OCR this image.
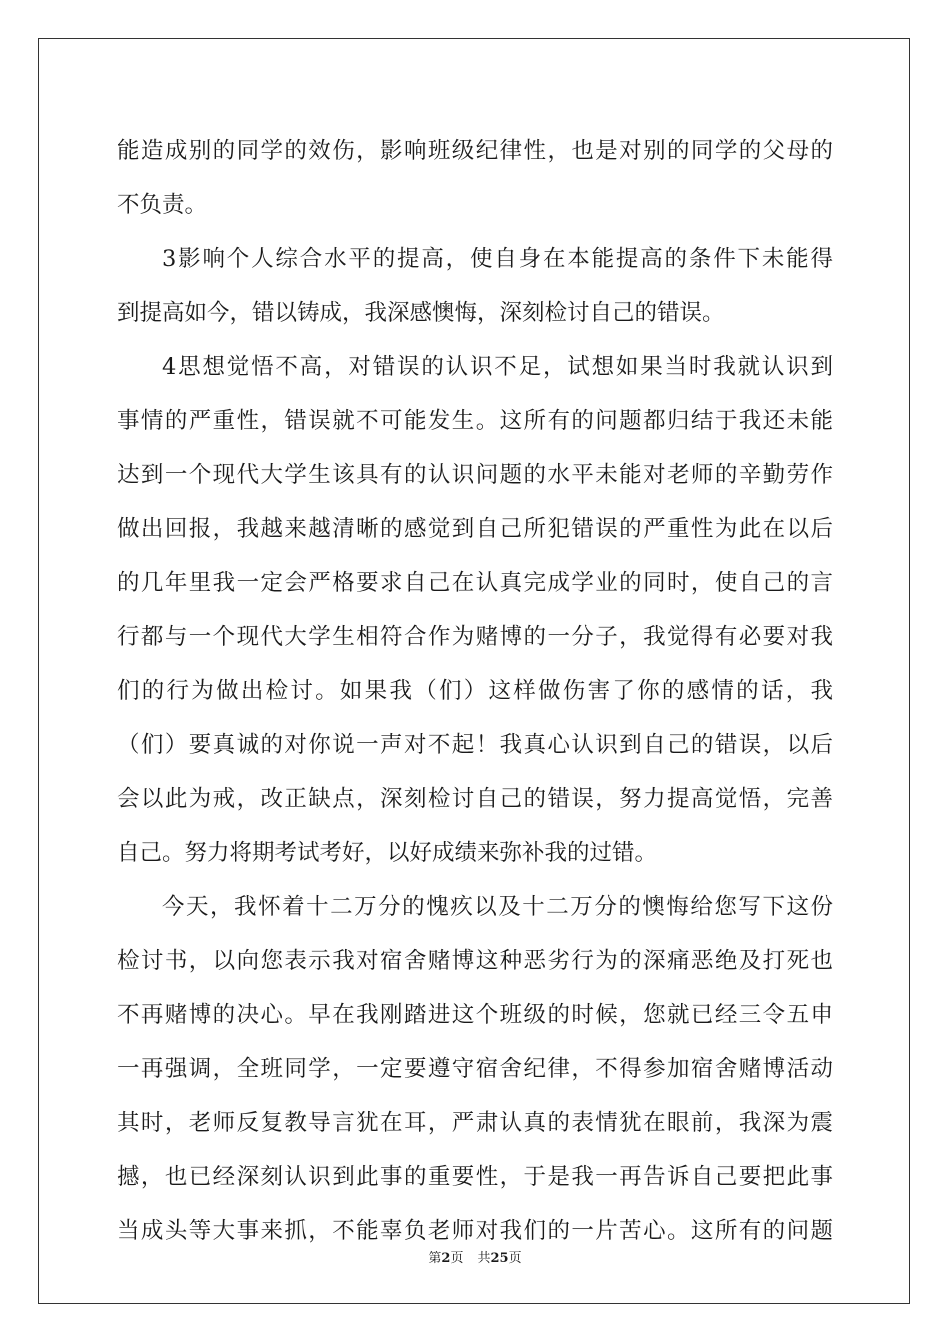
能造成别的同学的效伤，影响班级纪律性，也是对别的同学的父母的
不负责。
3影响个人综合水平的提高，使自身在本能提高的条件下未能得
到提高如今，错以铸成，我深感懊悔，深刻检讨自己的错误。
4思想觉悟不高，对错误的认识不足，试想如果当时我就认识到
事情的严重性，错误就不可能发生。这所有的问题都归结于我还未能
达到一个现代大学生该具有的认识问题的水平未能对老师的辛勤劳作
做出回报，我越来越清晰的感觉到自己所犯错误的严重性为此在以后
的几年里我一定会严格要求自己在认真完成学业的同时，使自己的言
行都与一个现代大学生相符合作为赌博的一分子，我觉得有必要对我
们的行为做出检讨。如果我（们）这样做伤害了你的感情的话，我
（们）要真诚的对你说一声对不起！我真心认识到自己的错误，以后
会以此为戒，改正缺点，深刻检讨自己的错误，努力提高觉悟，完善
自己。努力将期考试考好，以好成绩来弥补我的过错。
今天，我怀着十二万分的愧疚以及十二万分的懊悔给您写下这份
检讨书，以向您表示我对宿舍赌博这种恶劣行为的深痛恶绝及打死也
不再赌博的决心。早在我刚踏进这个班级的时候，您就已经三令五申
一再强调，全班同学，一定要遵守宿舍纪律，不得参加宿舍赌博活动
其时，老师反复教导言犹在耳，严肃认真的表情犹在眼前，我深为震
撼，也已经深刻认识到此事的重要性，于是我一再告诉自己要把此事
当成头等大事来抓，不能辜负老师对我们的一片苦心。这所有的问题
第2页 共25页
